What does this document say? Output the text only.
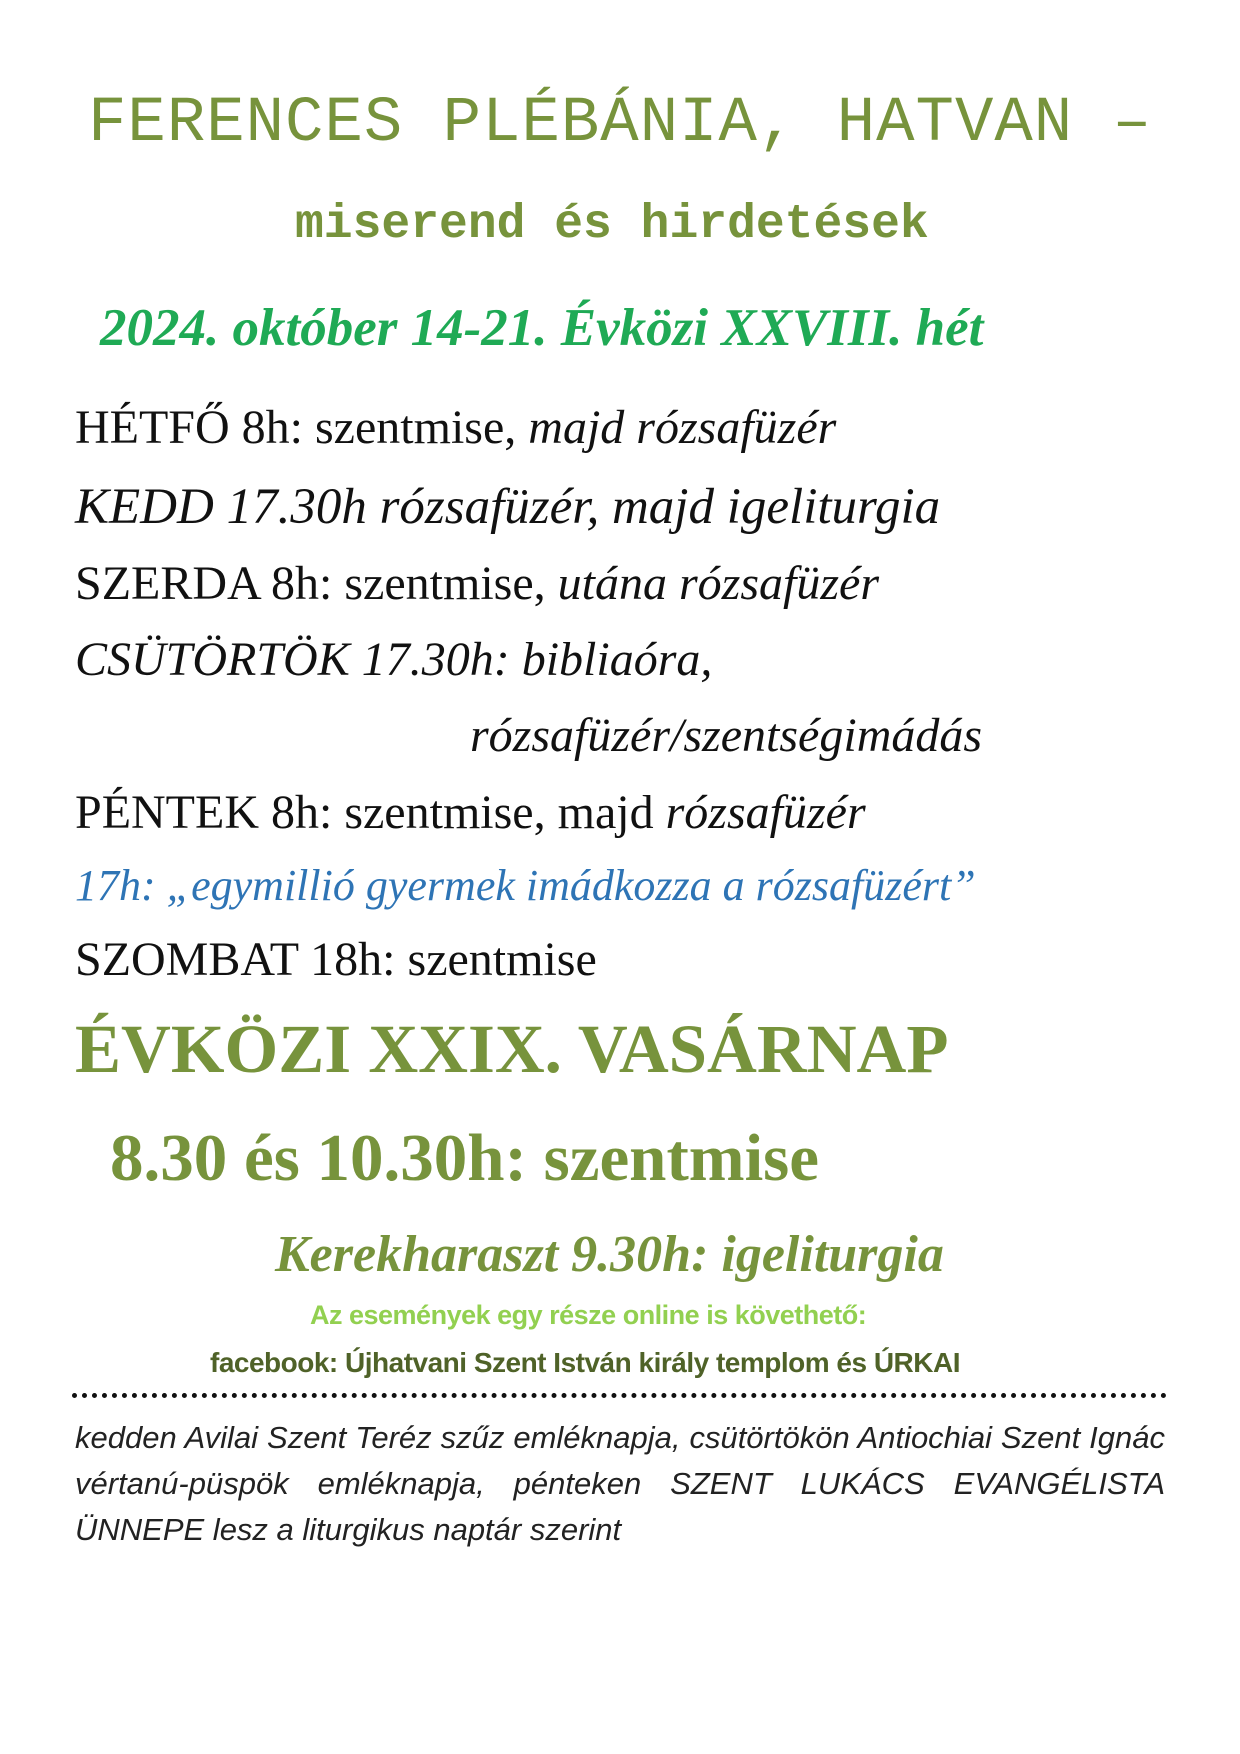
FERENCES PLÉBÁNIA, HATVAN –
miserend és hirdetések
2024. október 14-21. Évközi XXVIII. hét
HÉTFŐ 8h: szentmise, majd rózsafüzér
KEDD 17.30h rózsafüzér, majd igeliturgia
SZERDA 8h: szentmise, utána rózsafüzér
CSÜTÖRTÖK 17.30h: bibliaóra,
rózsafüzér/szentségimádás
PÉNTEK 8h: szentmise, majd rózsafüzér
17h: „egymillió gyermek imádkozza a rózsafüzért”
SZOMBAT 18h: szentmise
ÉVKÖZI XXIX. VASÁRNAP
8.30 és 10.30h: szentmise
Kerekharaszt 9.30h: igeliturgia
Az események egy része online is követhető:
facebook: Újhatvani Szent István király templom és ÚRKAI
kedden Avilai Szent Teréz szűz emléknapja, csütörtökön Antiochiai Szent Ignác vértanú-püspök emléknapja, pénteken SZENT LUKÁCS EVANGÉLISTA ÜNNEPE lesz a liturgikus naptár szerint
